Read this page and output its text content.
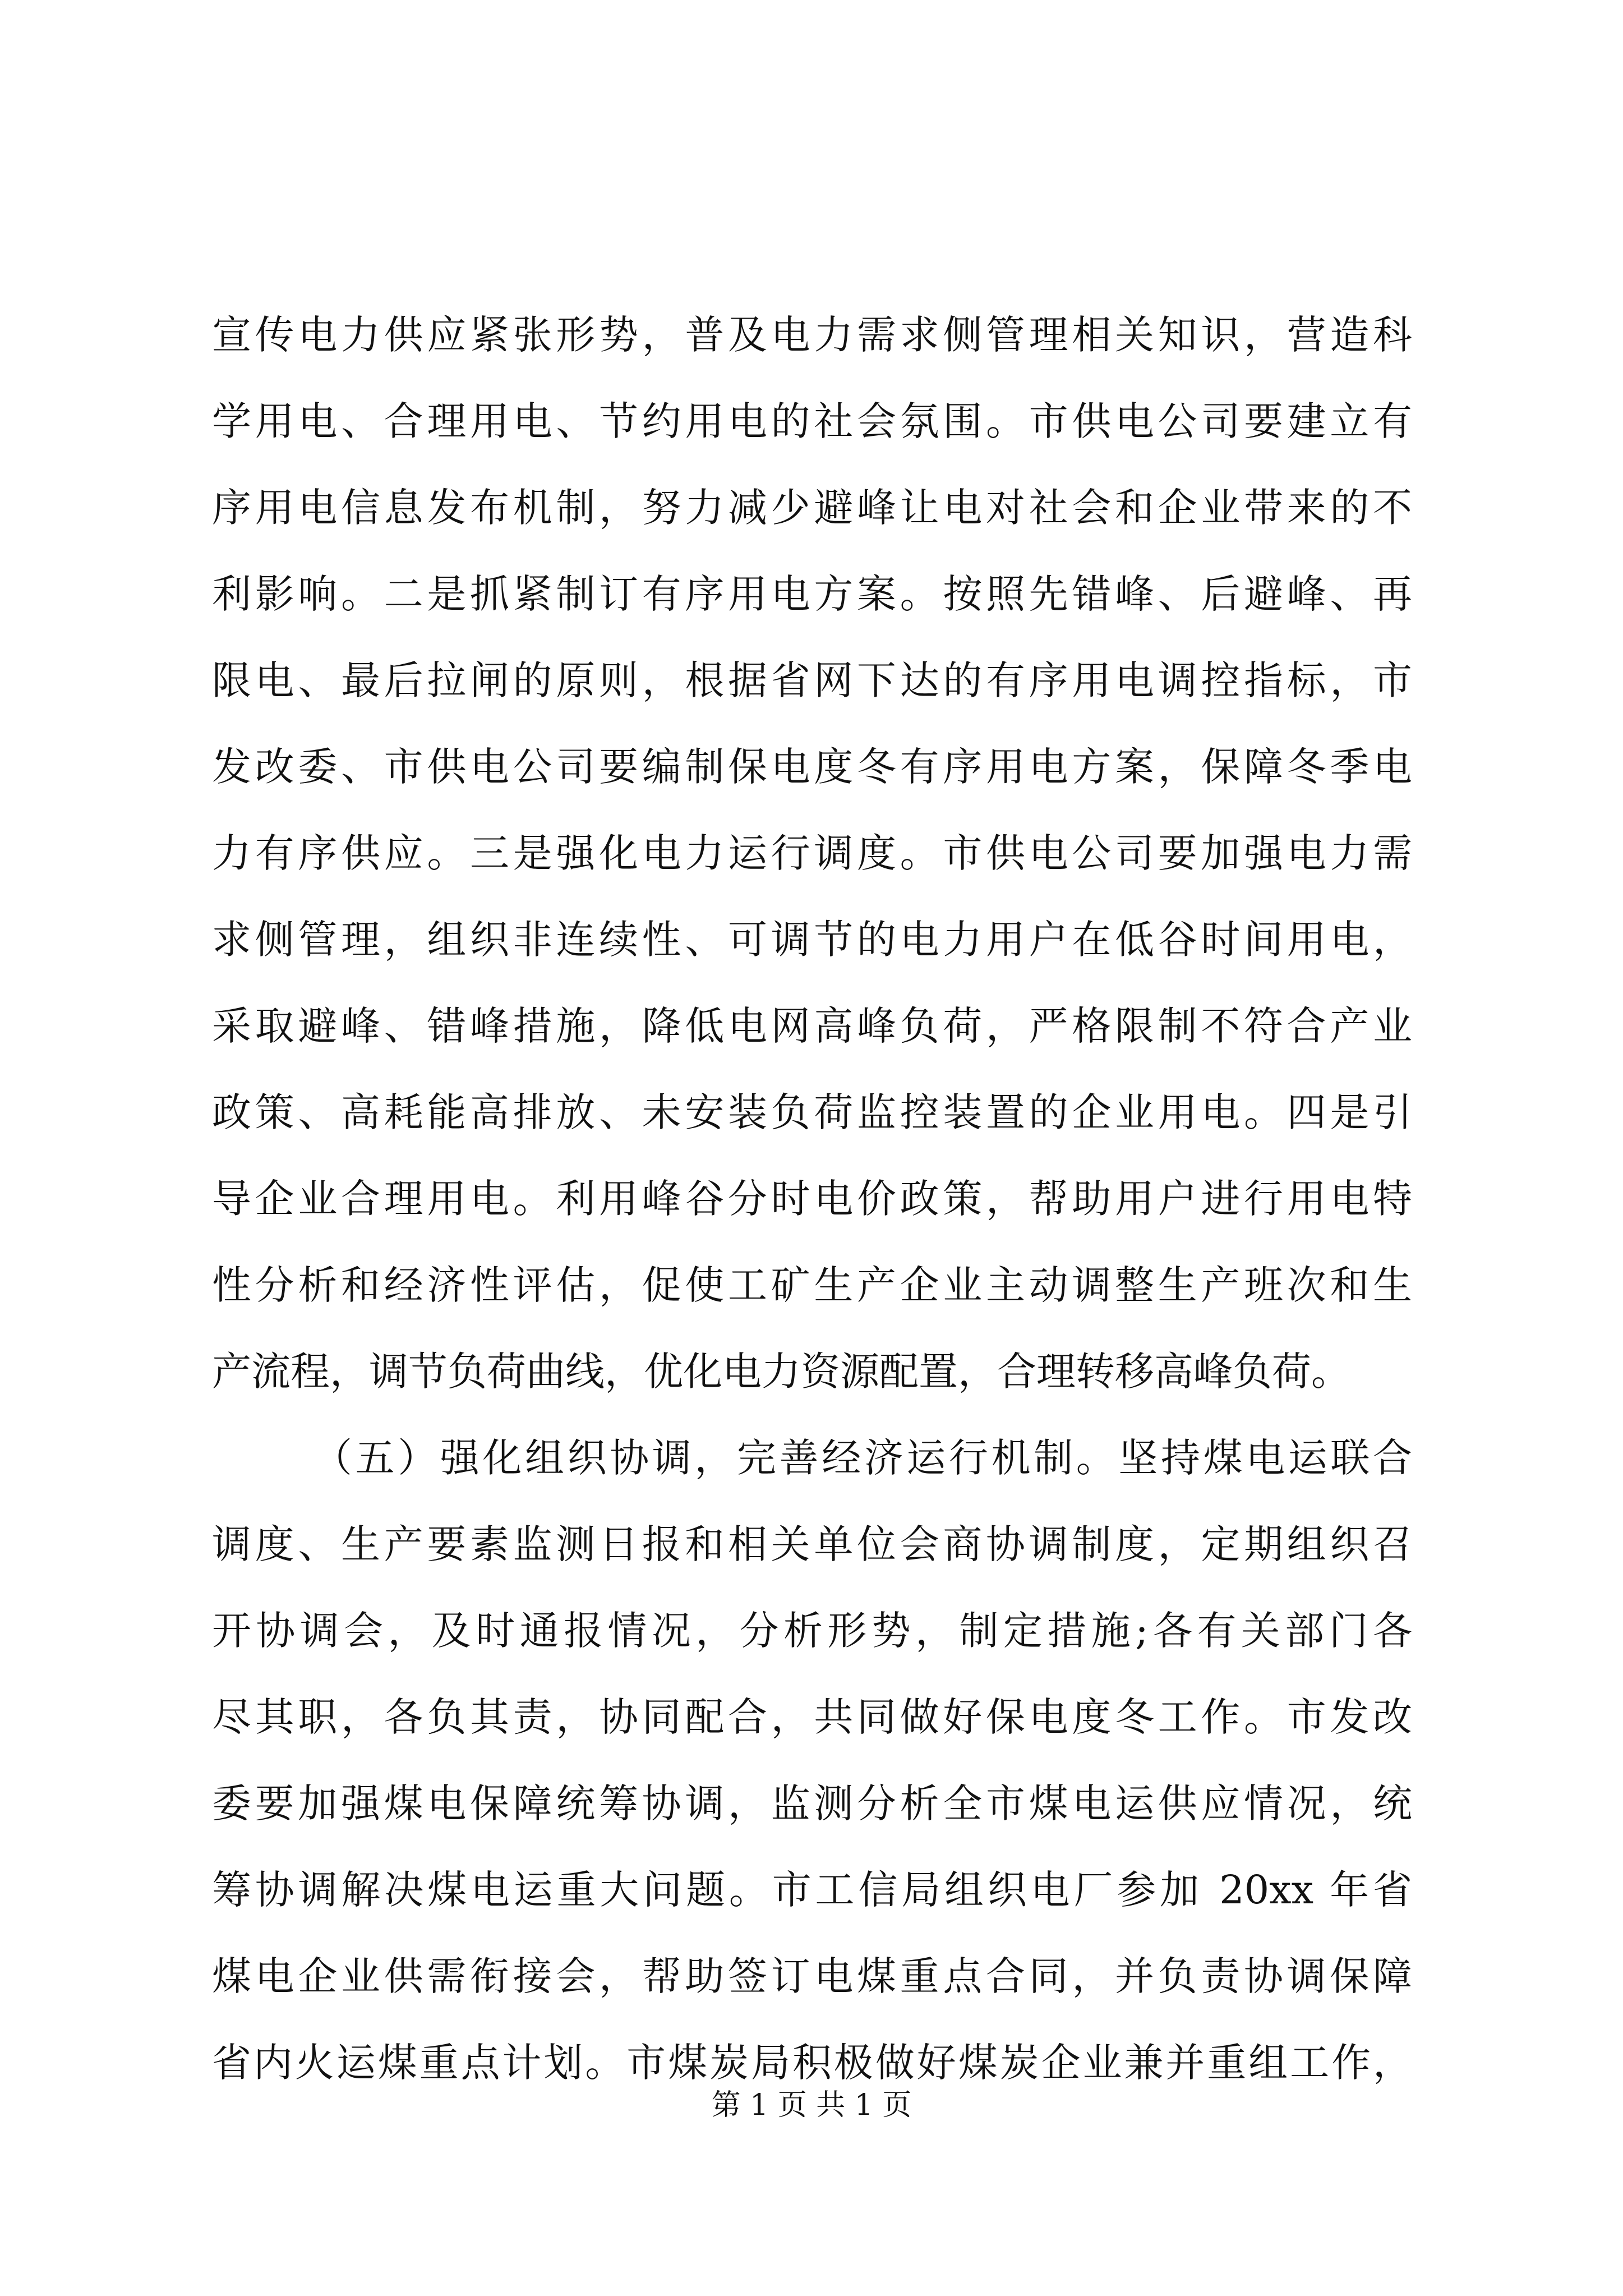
宣传电力供应紧张形势，普及电力需求侧管理相关知识，营造科
学用电、合理用电、节约用电的社会氛围。市供电公司要建立有
序用电信息发布机制，努力减少避峰让电对社会和企业带来的不
利影响。二是抓紧制订有序用电方案。按照先错峰、后避峰、再
限电、最后拉闸的原则，根据省网下达的有序用电调控指标，市
发改委、市供电公司要编制保电度冬有序用电方案，保障冬季电
力有序供应。三是强化电力运行调度。市供电公司要加强电力需
求侧管理，组织非连续性、可调节的电力用户在低谷时间用电，
采取避峰、错峰措施，降低电网高峰负荷，严格限制不符合产业
政策、高耗能高排放、未安装负荷监控装置的企业用电。四是引
导企业合理用电。利用峰谷分时电价政策，帮助用户进行用电特
性分析和经济性评估，促使工矿生产企业主动调整生产班次和生
产流程，调节负荷曲线，优化电力资源配置，合理转移高峰负荷。
（五）强化组织协调，完善经济运行机制。坚持煤电运联合
调度、生产要素监测日报和相关单位会商协调制度，定期组织召
开协调会，及时通报情况，分析形势，制定措施;各有关部门各
尽其职，各负其责，协同配合，共同做好保电度冬工作。市发改
委要加强煤电保障统筹协调，监测分析全市煤电运供应情况，统
筹协调解决煤电运重大问题。市工信局组织电厂参加 20xx 年省
煤电企业供需衔接会，帮助签订电煤重点合同，并负责协调保障
省内火运煤重点计划。市煤炭局积极做好煤炭企业兼并重组工作，
第 1 页 共 1 页
